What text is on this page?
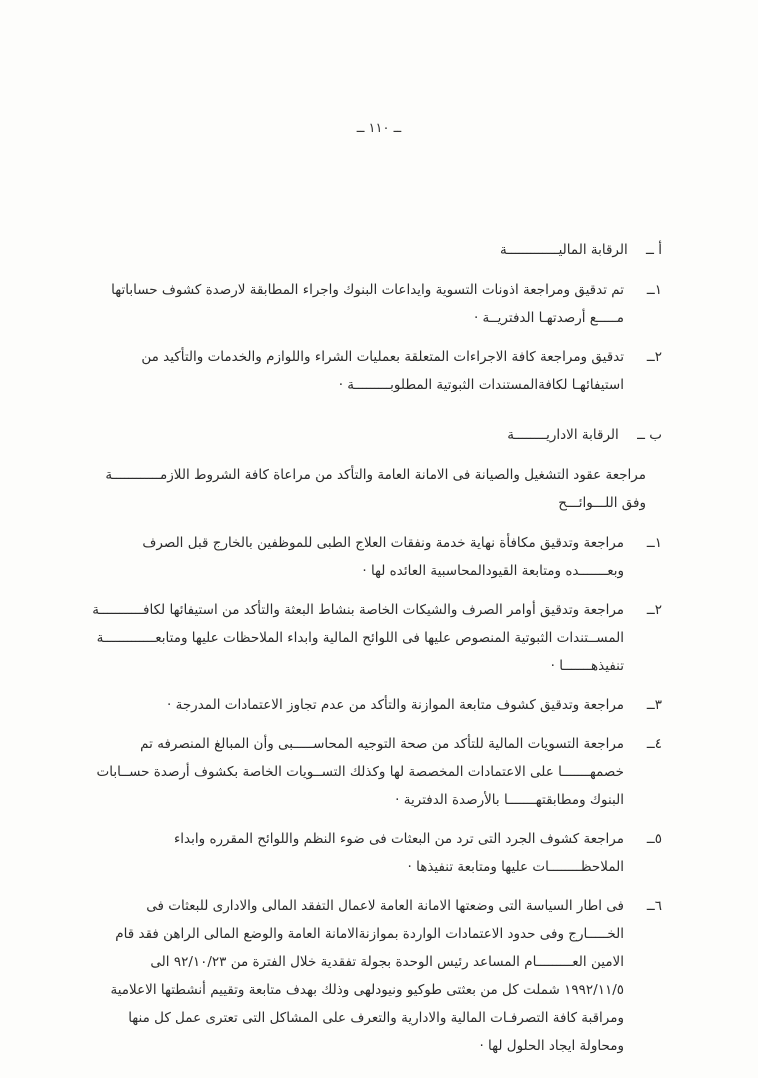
ــ ١١٠ ــ
أ ــ الرقابة الماليـــــــــــــة
١ــ

تم تدقيق ومراجعة اذونات التسوية وايداعات البنوك واجراء المطابقة لارصدة كشوف حساباتها مـــــع أرصدتهـا الدفتريــة ·

٢ــ

تدقيق ومراجعة كافة الاجراءات المتعلقة بعمليات الشراء واللوازم والخدمات والتأكيد من استيفائهـا لكافةالمستندات الثبوتية المطلوبـــــــــة ·

ب ــ الرقابة الاداريــــــــة

مراجعة عقود التشغيل والصيانة فى الامانة العامة والتأكد من مراعاة كافة الشروط اللازمــــــــــــة وفق اللـــوائـــح

١ــ

مراجعة وتدقيق مكافأة نهاية خدمة ونفقات العلاج الطبى للموظفين بالخارج قبل الصرف وبعـــــــده ومتابعة القيودالمحاسبية العائده لها ·

٢ــ

مراجعة وتدقيق أوامر الصرف والشيكات الخاصة بنشاط البعثة والتأكد من استيفائها لكافـــــــــــة المســتندات الثبوتية المنصوص عليها فى اللوائح المالية وابداء الملاحظات عليها ومتابعـــــــــــــة تنفيذهـــــــا ·

٣ــ

مراجعة وتدقيق كشوف متابعة الموازنة والتأكد من عدم تجاوز الاعتمادات المدرجة ·

٤ــ

مراجعة التسويات المالية للتأكد من صحة التوجيه المحاســـــبى وأن المبالغ المنصرفه تم خصمهـــــــا على الاعتمادات المخصصة لها وكذلك التســويات الخاصة بكشوف أرصدة حســابات البنوك ومطابقتهـــــــا بالأرصدة الدفترية ·

٥ــ

مراجعة كشوف الجرد التى ترد من البعثات فى ضوء النظم واللوائح المقرره وابداء الملاحظــــــــات عليها ومتابعة تنفيذها ·

٦ــ

فى اطار السياسة التى وضعتها الامانة العامة لاعمال التفقد المالى والادارى للبعثات فى الخـــــارج وفى حدود الاعتمادات الواردة بموازنةالامانة العامة والوضع المالى الراهن فقد قام الامين العـــــــــام المساعد رئيس الوحدة بجولة تفقدية خلال الفترة من ٩٢/١٠/٢٣ الى ١٩٩٢/١١/٥ شملت كل من بعثتى طوكيو ونيودلهى وذلك بهدف متابعة وتقييم أنشطتها الاعلامية ومراقبة كافة التصرفـات المالية والادارية والتعرف على المشاكل التى تعترى عمل كل منها ومحاولة ايجاد الحلول لها ·
